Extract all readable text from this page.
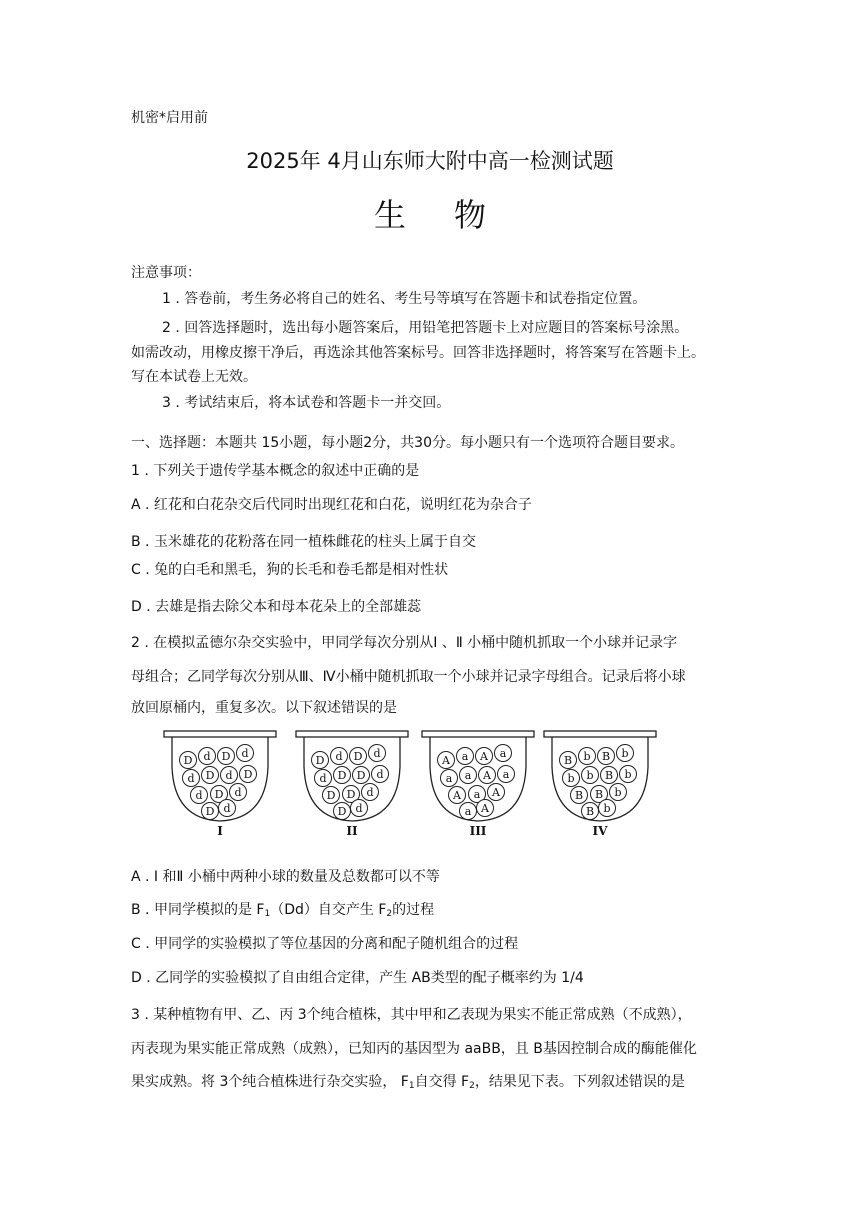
机密*启用前
2025年 4月山东师大附中高一检测试题
生物
注意事项：
1 . 答卷前，考生务必将自己的姓名、考生号等填写在答题卡和试卷指定位置。
2 . 回答选择题时，选出每小题答案后，用铅笔把答题卡上对应题目的答案标号涂黑。
如需改动，用橡皮擦干净后，再选涂其他答案标号。回答非选择题时，将答案写在答题卡上。
写在本试卷上无效。
3 . 考试结束后，将本试卷和答题卡一并交回。
一、选择题：本题共 15小题，每小题2分，共30分。每小题只有一个选项符合题目要求。
1 . 下列关于遗传学基本概念的叙述中正确的是
A . 红花和白花杂交后代同时出现红花和白花，说明红花为杂合子
B . 玉米雄花的花粉落在同一植株雌花的柱头上属于自交
C . 兔的白毛和黑毛，狗的长毛和卷毛都是相对性状
D . 去雄是指去除父本和母本花朵上的全部雄蕊
2 . 在模拟孟德尔杂交实验中，甲同学每次分别从Ⅰ 、Ⅱ 小桶中随机抓取一个小球并记录字
母组合；乙同学每次分别从Ⅲ、Ⅳ小桶中随机抓取一个小球并记录字母组合。记录后将小球
放回原桶内，重复多次。以下叙述错误的是
D d D d
d D d D
d D d
D d
I
D d D d
d D D d
D D d
D d
II
A a A a
a a A a
A a A
a A
III
B b B b
b b B b
B B b
B b
IV
A . Ⅰ 和Ⅱ 小桶中两种小球的数量及总数都可以不等
B . 甲同学模拟的是 $F_1(Dd)$自交产生 $F_2$的过程
C . 甲同学的实验模拟了等位基因的分离和配子随机组合的过程
D . 乙同学的实验模拟了自由组合定律，产生 AB类型的配子概率约为 1/4
3 . 某种植物有甲、乙、丙 3个纯合植株，其中甲和乙表现为果实不能正常成熟（不成熟），
丙表现为果实能正常成熟（成熟），已知丙的基因型为 aaBB，且 B基因控制合成的酶能催化
果实成熟。将 3个纯合植株进行杂交实验， $F_1$自交得 $F_2$，结果见下表。下列叙述错误的是
